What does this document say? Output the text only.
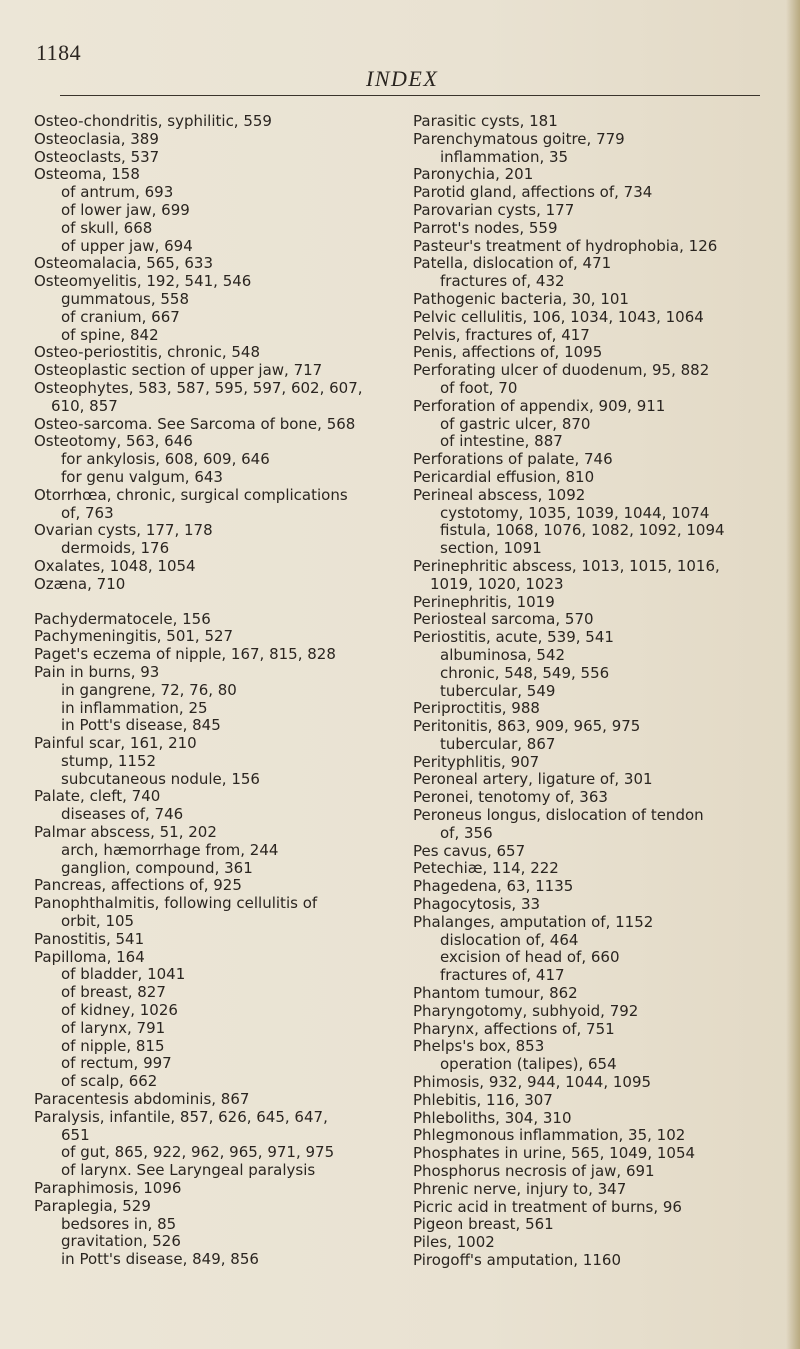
1184
INDEX
Osteo-chondritis, syphilitic, 559
Osteoclasia, 389
Osteoclasts, 537
Osteoma, 158
of antrum, 693
of lower jaw, 699
of skull, 668
of upper jaw, 694
Osteomalacia, 565, 633
Osteomyelitis, 192, 541, 546
gummatous, 558
of cranium, 667
of spine, 842
Osteo-periostitis, chronic, 548
Osteoplastic section of upper jaw, 717
Osteophytes, 583, 587, 595, 597, 602, 607,
610, 857
Osteo-sarcoma. See Sarcoma of bone, 568
Osteotomy, 563, 646
for ankylosis, 608, 609, 646
for genu valgum, 643
Otorrhœa, chronic, surgical complications
of, 763
Ovarian cysts, 177, 178
dermoids, 176
Oxalates, 1048, 1054
Ozæna, 710
Pachydermatocele, 156
Pachymeningitis, 501, 527
Paget's eczema of nipple, 167, 815, 828
Pain in burns, 93
in gangrene, 72, 76, 80
in inflammation, 25
in Pott's disease, 845
Painful scar, 161, 210
stump, 1152
subcutaneous nodule, 156
Palate, cleft, 740
diseases of, 746
Palmar abscess, 51, 202
arch, hæmorrhage from, 244
ganglion, compound, 361
Pancreas, affections of, 925
Panophthalmitis, following cellulitis of
orbit, 105
Panostitis, 541
Papilloma, 164
of bladder, 1041
of breast, 827
of kidney, 1026
of larynx, 791
of nipple, 815
of rectum, 997
of scalp, 662
Paracentesis abdominis, 867
Paralysis, infantile, 857, 626, 645, 647,
651
of gut, 865, 922, 962, 965, 971, 975
of larynx. See Laryngeal paralysis
Paraphimosis, 1096
Paraplegia, 529
bedsores in, 85
gravitation, 526
in Pott's disease, 849, 856
Parasitic cysts, 181
Parenchymatous goitre, 779
inflammation, 35
Paronychia, 201
Parotid gland, affections of, 734
Parovarian cysts, 177
Parrot's nodes, 559
Pasteur's treatment of hydrophobia, 126
Patella, dislocation of, 471
fractures of, 432
Pathogenic bacteria, 30, 101
Pelvic cellulitis, 106, 1034, 1043, 1064
Pelvis, fractures of, 417
Penis, affections of, 1095
Perforating ulcer of duodenum, 95, 882
of foot, 70
Perforation of appendix, 909, 911
of gastric ulcer, 870
of intestine, 887
Perforations of palate, 746
Pericardial effusion, 810
Perineal abscess, 1092
cystotomy, 1035, 1039, 1044, 1074
fistula, 1068, 1076, 1082, 1092, 1094
section, 1091
Perinephritic abscess, 1013, 1015, 1016,
1019, 1020, 1023
Perinephritis, 1019
Periosteal sarcoma, 570
Periostitis, acute, 539, 541
albuminosa, 542
chronic, 548, 549, 556
tubercular, 549
Periproctitis, 988
Peritonitis, 863, 909, 965, 975
tubercular, 867
Perityphlitis, 907
Peroneal artery, ligature of, 301
Peronei, tenotomy of, 363
Peroneus longus, dislocation of tendon
of, 356
Pes cavus, 657
Petechiæ, 114, 222
Phagedena, 63, 1135
Phagocytosis, 33
Phalanges, amputation of, 1152
dislocation of, 464
excision of head of, 660
fractures of, 417
Phantom tumour, 862
Pharyngotomy, subhyoid, 792
Pharynx, affections of, 751
Phelps's box, 853
operation (talipes), 654
Phimosis, 932, 944, 1044, 1095
Phlebitis, 116, 307
Phleboliths, 304, 310
Phlegmonous inflammation, 35, 102
Phosphates in urine, 565, 1049, 1054
Phosphorus necrosis of jaw, 691
Phrenic nerve, injury to, 347
Picric acid in treatment of burns, 96
Pigeon breast, 561
Piles, 1002
Pirogoff's amputation, 1160
